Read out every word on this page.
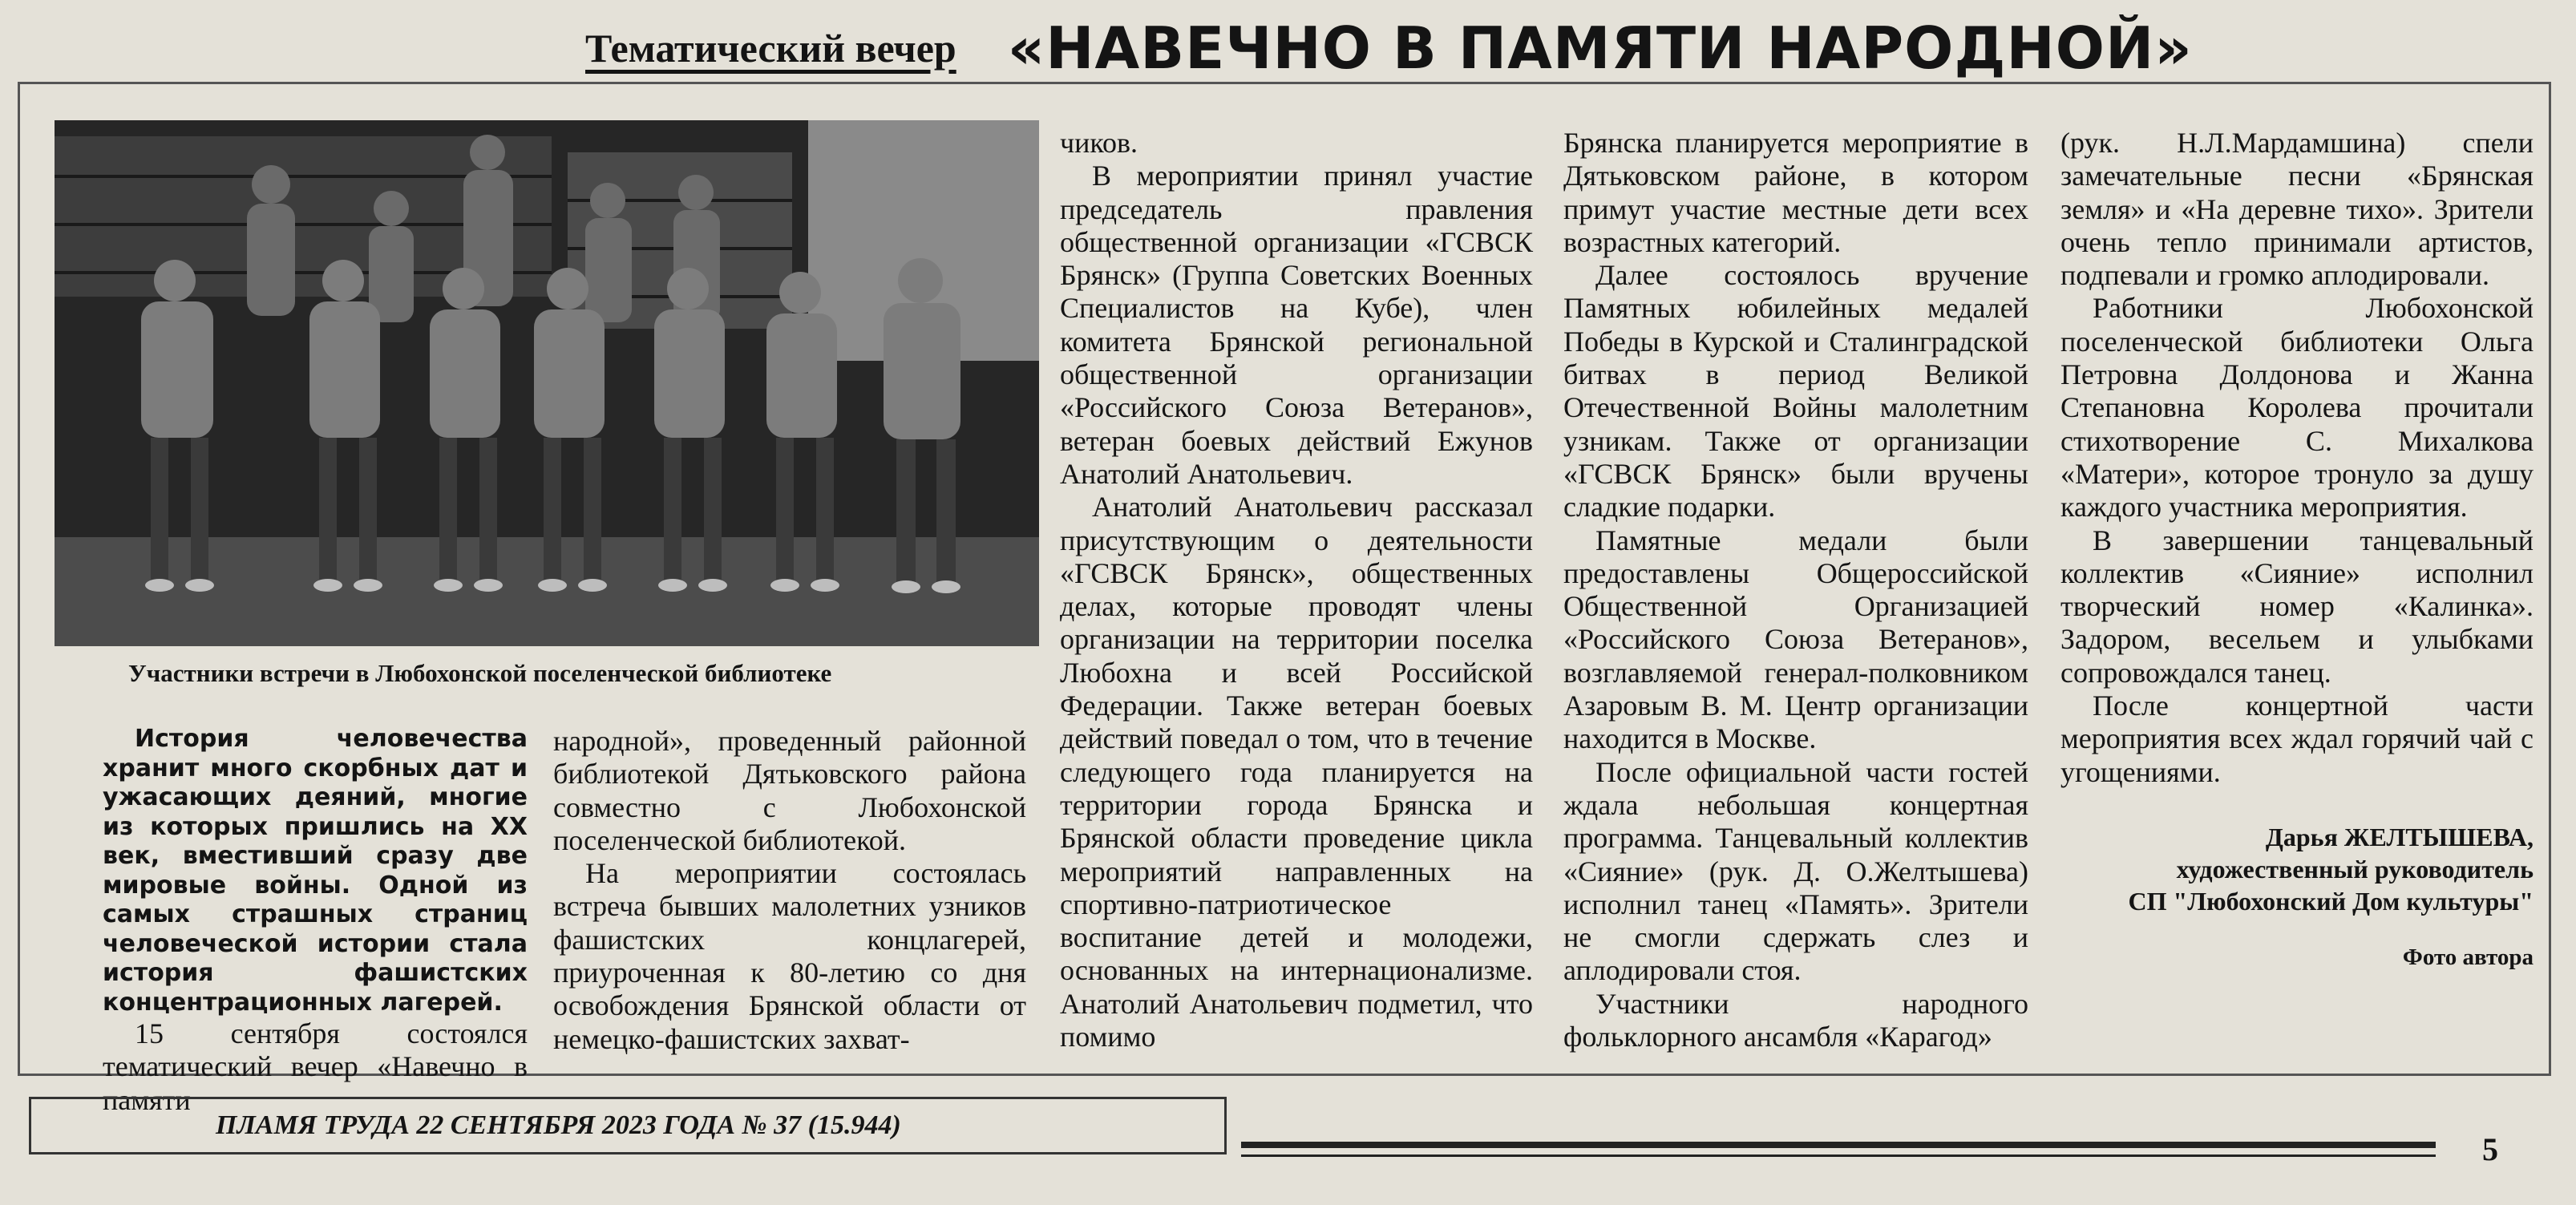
Тематический вечер «НАВЕЧНО В ПАМЯТИ НАРОДНОЙ»
Участники встречи в Любохонской поселенческой библиотеке

История человечества хранит много скорбных дат и ужасающих деяний, многие из которых пришлись на XX век, вместивший сразу две мировые войны. Одной из самых страшных страниц человеческой истории стала история фашистских концентрационных лагерей.

15 сентября состоялся тематический вечер «Навечно в памяти

народной», проведенный районной библиотекой Дятьковского района совместно с Любохонской поселенческой библиотекой.

На мероприятии состоялась встреча бывших малолетних узников фашистских концлагерей, приуроченная к 80-летию со дня освобождения Брянской области от немецко-фашистских захват-

чиков.

В мероприятии принял участие председатель правления общественной организации «ГСВСК Брянск» (Группа Советских Военных Специалистов на Кубе), член комитета Брянской региональной общественной организации «Российского Союза Ветеранов», ветеран боевых действий Ежунов Анатолий Анатольевич.

Анатолий Анатольевич рассказал присутствующим о деятельности «ГСВСК Брянск», общественных делах, которые проводят члены организации на территории поселка Любохна и всей Российской Федерации. Также ветеран боевых действий поведал о том, что в течение следующего года планируется на территории города Брянска и Брянской области проведение цикла мероприятий направленных на спортивно-патриотическое воспитание детей и молодежи, основанных на интернационализме. Анатолий Анатольевич подметил, что помимо

Брянска планируется мероприятие в Дятьковском районе, в котором примут участие местные дети всех возрастных категорий.

Далее состоялось вручение Памятных юбилейных медалей Победы в Курской и Сталинградской битвах в период Великой Отечественной Войны малолетним узникам. Также от организации «ГСВСК Брянск» были вручены сладкие подарки.

Памятные медали были предоставлены Общероссийской Общественной Организацией «Российского Союза Ветеранов», возглавляемой генерал-полковником Азаровым В. М. Центр организации находится в Москве.

После официальной части гостей ждала небольшая концертная программа. Танцевальный коллектив «Сияние» (рук. Д. О.Желтышева) исполнил танец «Память». Зрители не смогли сдержать слез и аплодировали стоя.

Участники народного фольклорного ансамбля «Карагод»

(рук. Н.Л.Мардамшина) спели замечательные песни «Брянская земля» и «На деревне тихо». Зрители очень тепло принимали артистов, подпевали и громко аплодировали.

Работники Любохонской поселенческой библиотеки Ольга Петровна Долдонова и Жанна Степановна Королева прочитали стихотворение С. Михалкова «Матери», которое тронуло за душу каждого участника мероприятия.

В завершении танцевальный коллектив «Сияние» исполнил творческий номер «Калинка». Задором, весельем и улыбками сопровождался танец.

После концертной части мероприятия всех ждал горячий чай с угощениями.

Дарья ЖЕЛТЫШЕВА,
художественный руководитель
СП "Любохонский Дом культуры"
Фото автора
ПЛАМЯ ТРУДА 22 СЕНТЯБРЯ 2023 ГОДА № 37 (15.944)
5
